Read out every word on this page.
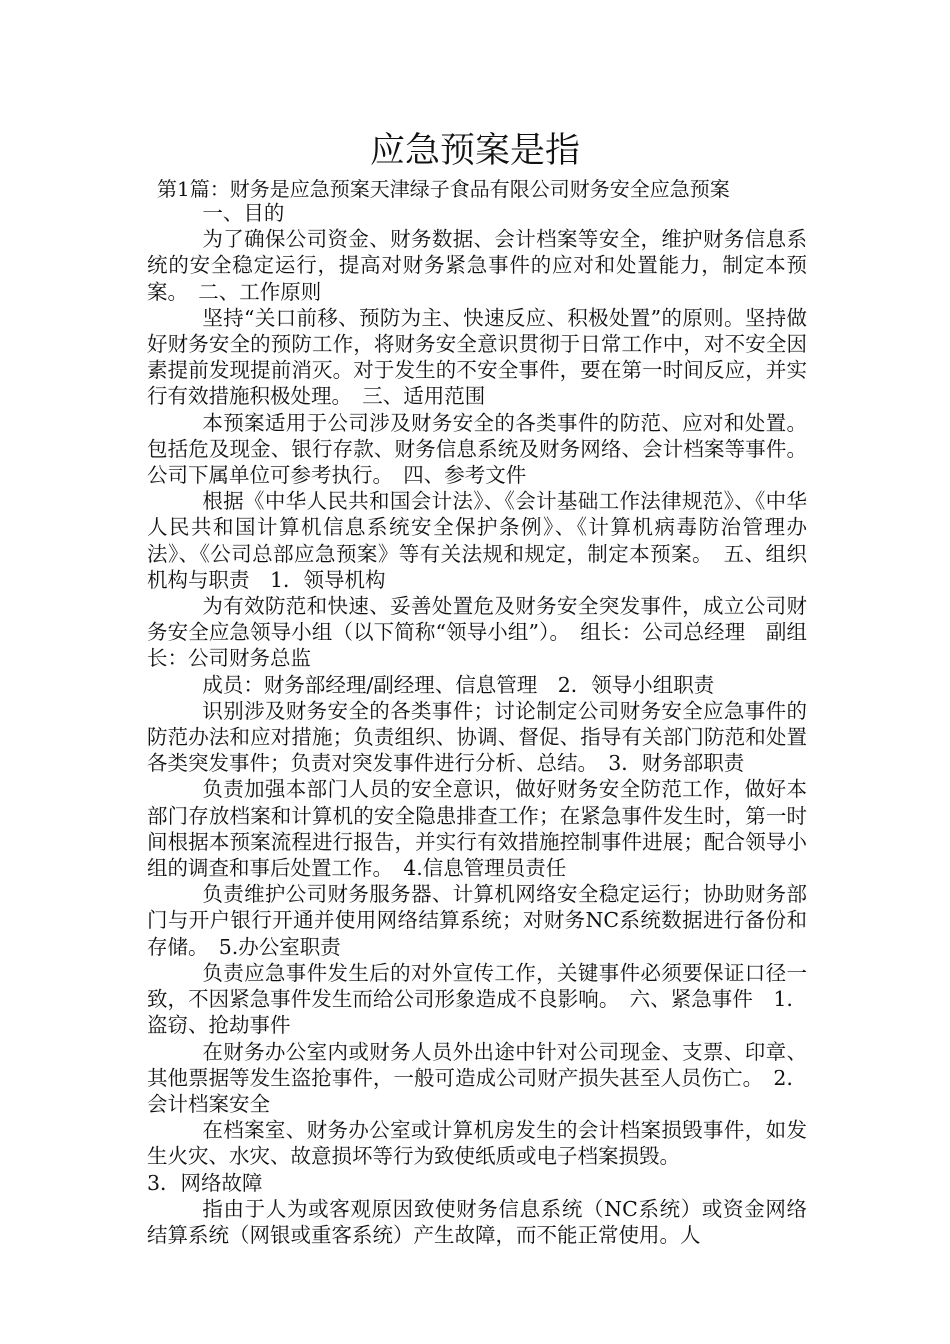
应急预案是指
第1篇：财务是应急预案天津绿子食品有限公司财务安全应急预案

一、目的

为了确保公司资金、财务数据、会计档案等安全，维护财务信息系统的安全稳定运行，提高对财务紧急事件的应对和处置能力，制定本预案。　二、工作原则

坚持“关口前移、预防为主、快速反应、积极处置”的原则。坚持做好财务安全的预防工作，将财务安全意识贯彻于日常工作中，对不安全因素提前发现提前消灭。对于发生的不安全事件，要在第一时间反应，并实行有效措施积极处理。　三、适用范围

本预案适用于公司涉及财务安全的各类事件的防范、应对和处置。包括危及现金、银行存款、财务信息系统及财务网络、会计档案等事件。公司下属单位可参考执行。　四、参考文件

根据《中华人民共和国会计法》、《会计基础工作法律规范》、《中华人民共和国计算机信息系统安全保护条例》、《计算机病毒防治管理办法》、《公司总部应急预案》等有关法规和规定，制定本预案。　五、组织机构与职责　1．领导机构

为有效防范和快速、妥善处置危及财务安全突发事件，成立公司财务安全应急领导小组（以下简称“领导小组”）。　组长：公司总经理　副组长：公司财务总监

成员：财务部经理/副经理、信息管理　2．领导小组职责

识别涉及财务安全的各类事件；讨论制定公司财务安全应急事件的防范办法和应对措施；负责组织、协调、督促、指导有关部门防范和处置各类突发事件；负责对突发事件进行分析、总结。　3．财务部职责

负责加强本部门人员的安全意识，做好财务安全防范工作，做好本部门存放档案和计算机的安全隐患排查工作；在紧急事件发生时，第一时间根据本预案流程进行报告，并实行有效措施控制事件进展；配合领导小组的调查和事后处置工作。　4.信息管理员责任

负责维护公司财务服务器、计算机网络安全稳定运行；协助财务部门与开户银行开通并使用网络结算系统；对财务NC系统数据进行备份和存储。　5.办公室职责

负责应急事件发生后的对外宣传工作，关键事件必须要保证口径一致，不因紧急事件发生而给公司形象造成不良影响。　六、紧急事件　1．盗窃、抢劫事件

在财务办公室内或财务人员外出途中针对公司现金、支票、印章、其他票据等发生盗抢事件，一般可造成公司财产损失甚至人员伤亡。　2．会计档案安全

在档案室、财务办公室或计算机房发生的会计档案损毁事件，如发生火灾、水灾、故意损坏等行为致使纸质或电子档案损毁。

3．网络故障

指由于人为或客观原因致使财务信息系统（NC系统）或资金网络结算系统（网银或重客系统）产生故障，而不能正常使用。人
